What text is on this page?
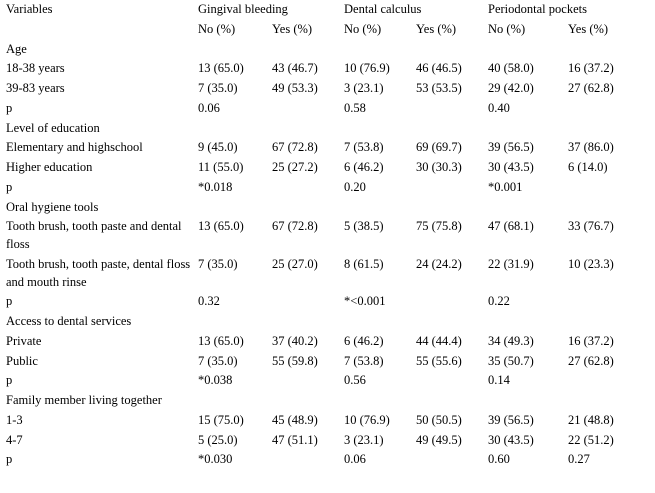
Variables	Gingival bleeding		Dental calculus		Periodontal pockets	
	No (%)	Yes (%)	No (%)	Yes (%)	No (%)	Yes (%)
Age						
18-38 years	13 (65.0)	43 (46.7)	10 (76.9)	46 (46.5)	40 (58.0)	16 (37.2)
39-83 years	7 (35.0)	49 (53.3)	3 (23.1)	53 (53.5)	29 (42.0)	27 (62.8)
p	0.06		0.58		0.40	
Level of education						
Elementary and highschool	9 (45.0)	67 (72.8)	7 (53.8)	69 (69.7)	39 (56.5)	37 (86.0)
Higher education	11 (55.0)	25 (27.2)	6 (46.2)	30 (30.3)	30 (43.5)	6 (14.0)
p	*0.018		0.20		*0.001	
Oral hygiene tools						
Tooth brush, tooth paste and dental floss	13 (65.0)	67 (72.8)	5 (38.5)	75 (75.8)	47 (68.1)	33 (76.7)
Tooth brush, tooth paste, dental floss and mouth rinse	7 (35.0)	25 (27.0)	8 (61.5)	24 (24.2)	22 (31.9)	10 (23.3)
p	0.32		*<0.001		0.22	
Access to dental services						
Private	13 (65.0)	37 (40.2)	6 (46.2)	44 (44.4)	34 (49.3)	16 (37.2)
Public	7 (35.0)	55 (59.8)	7 (53.8)	55 (55.6)	35 (50.7)	27 (62.8)
p	*0.038		0.56		0.14	
Family member living together						
1-3	15 (75.0)	45 (48.9)	10 (76.9)	50 (50.5)	39 (56.5)	21 (48.8)
4-7	5 (25.0)	47 (51.1)	3 (23.1)	49 (49.5)	30 (43.5)	22 (51.2)
p	*0.030		0.06		0.60	0.27
